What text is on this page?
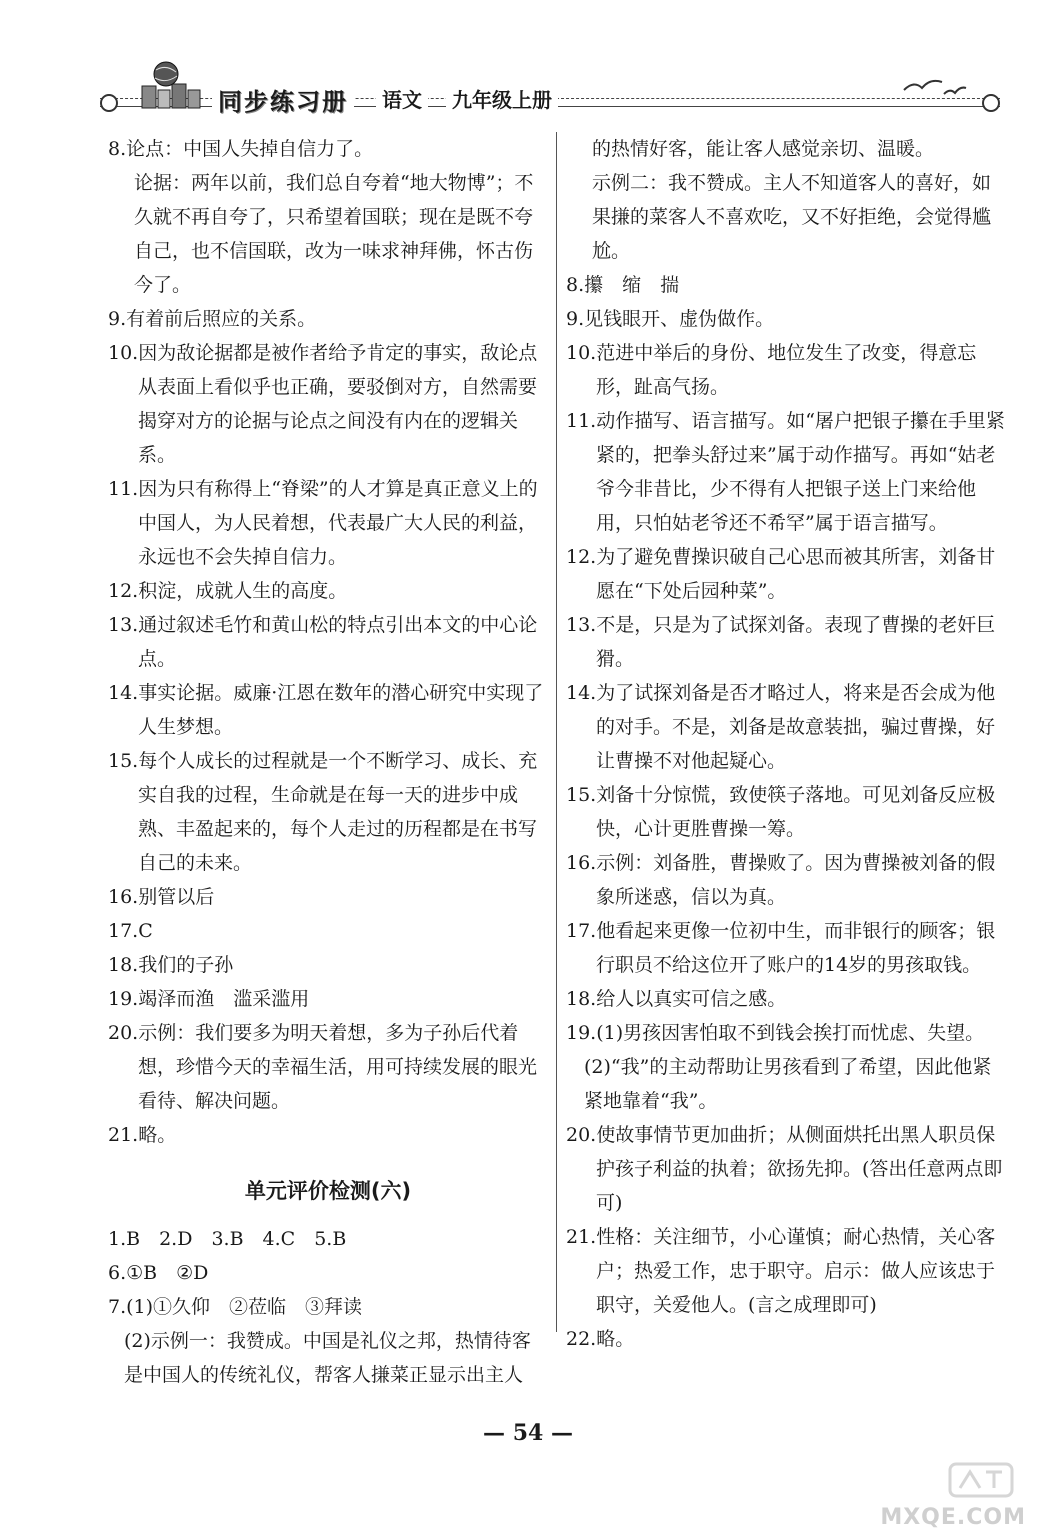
同步练习册	语文	九年级上册
8.论点：中国人失掉自信力了。
论据：两年以前，我们总自夸着“地大物博”；不久就不再自夸了，只希望着国联；现在是既不夸自己，也不信国联，改为一味求神拜佛，怀古伤今了。
9.有着前后照应的关系。
10.因为敌论据都是被作者给予肯定的事实，敌论点从表面上看似乎也正确，要驳倒对方，自然需要揭穿对方的论据与论点之间没有内在的逻辑关系。
11.因为只有称得上“脊梁”的人才算是真正意义上的中国人，为人民着想，代表最广大人民的利益，永远也不会失掉自信力。
12.积淀，成就人生的高度。
13.通过叙述毛竹和黄山松的特点引出本文的中心论点。
14.事实论据。威廉·江恩在数年的潜心研究中实现了人生梦想。
15.每个人成长的过程就是一个不断学习、成长、充实自我的过程，生命就是在每一天的进步中成熟、丰盈起来的，每个人走过的历程都是在书写自己的未来。
16.别管以后
17.C
18.我们的子孙
19.竭泽而渔　滥采滥用
20.示例：我们要多为明天着想，多为子孙后代着想，珍惜今天的幸福生活，用可持续发展的眼光看待、解决问题。
21.略。
单元评价检测(六)
1.B　2.D　3.B　4.C　5.B
6.①B　②D
7.(1)①久仰　②莅临　③拜读
(2)示例一：我赞成。中国是礼仪之邦，热情待客是中国人的传统礼仪，帮客人搛菜正显示出主人
的热情好客，能让客人感觉亲切、温暖。
示例二：我不赞成。主人不知道客人的喜好，如果搛的菜客人不喜欢吃，又不好拒绝，会觉得尴尬。
8.攥　缩　揣
9.见钱眼开、虚伪做作。
10.范进中举后的身份、地位发生了改变，得意忘形，趾高气扬。
11.动作描写、语言描写。如“屠户把银子攥在手里紧紧的，把拳头舒过来”属于动作描写。再如“姑老爷今非昔比，少不得有人把银子送上门来给他用，只怕姑老爷还不希罕”属于语言描写。
12.为了避免曹操识破自己心思而被其所害，刘备甘愿在“下处后园种菜”。
13.不是，只是为了试探刘备。表现了曹操的老奸巨猾。
14.为了试探刘备是否才略过人，将来是否会成为他的对手。不是，刘备是故意装拙，骗过曹操，好让曹操不对他起疑心。
15.刘备十分惊慌，致使筷子落地。可见刘备反应极快，心计更胜曹操一筹。
16.示例：刘备胜，曹操败了。因为曹操被刘备的假象所迷惑，信以为真。
17.他看起来更像一位初中生，而非银行的顾客；银行职员不给这位开了账户的14岁的男孩取钱。
18.给人以真实可信之感。
19.(1)男孩因害怕取不到钱会挨打而忧虑、失望。
(2)“我”的主动帮助让男孩看到了希望，因此他紧紧地靠着“我”。
20.使故事情节更加曲折；从侧面烘托出黑人职员保护孩子利益的执着；欲扬先抑。(答出任意两点即可)
21.性格：关注细节，小心谨慎；耐心热情，关心客户；热爱工作，忠于职守。启示：做人应该忠于职守，关爱他人。(言之成理即可)
22.略。
— 54 —
MXQE.COM
